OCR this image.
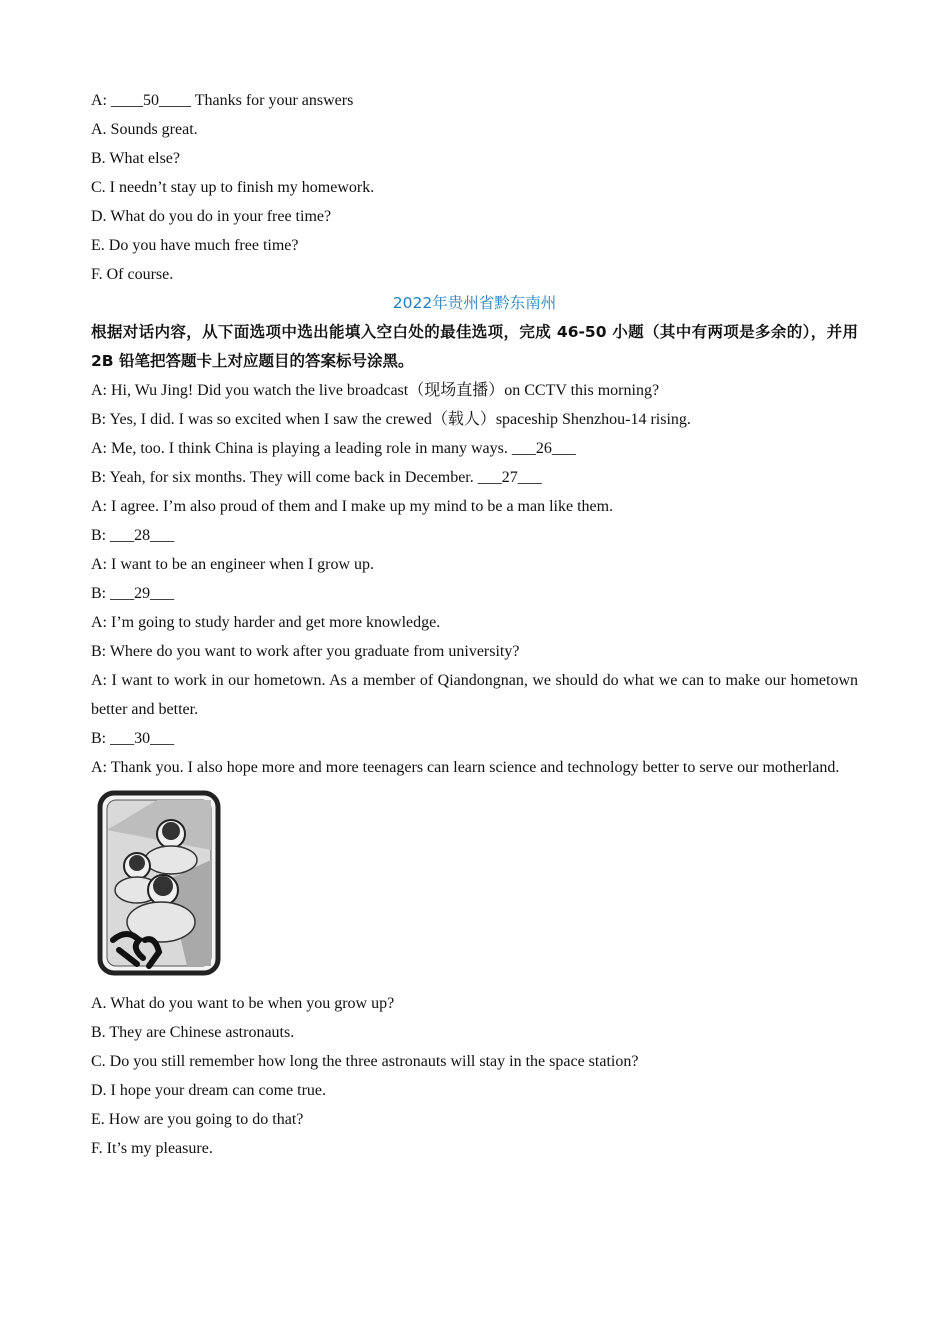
A: ____50____ Thanks for your answers

A. Sounds great.

B. What else?

C. I needn’t stay up to finish my homework.

D. What do you do in your free time?

E. Do you have much free time?

F. Of course.

2022年贵州省黔东南州

根据对话内容，从下面选项中选出能填入空白处的最佳选项，完成 46-50 小题（其中有两项是多余的），并用 2B 铅笔把答题卡上对应题目的答案标号涂黑。

A: Hi, Wu Jing! Did you watch the live broadcast（现场直播）on CCTV this morning?

B: Yes, I did. I was so excited when I saw the crewed（载人）spaceship Shenzhou-14 rising.

A: Me, too. I think China is playing a leading role in many ways. ___26___

B: Yeah, for six months. They will come back in December. ___27___

A: I agree. I’m also proud of them and I make up my mind to be a man like them.

B: ___28___

A: I want to be an engineer when I grow up.

B: ___29___

A: I’m going to study harder and get more knowledge.

B: Where do you want to work after you graduate from university?

A: I want to work in our hometown. As a member of Qiandongnan, we should do what we can to make our hometown better and better.

B: ___30___

A: Thank you. I also hope more and more teenagers can learn science and technology better to serve our motherland.

A. What do you want to be when you grow up?

B. They are Chinese astronauts.

C. Do you still remember how long the three astronauts will stay in the space station?

D. I hope your dream can come true.

E. How are you going to do that?

F. It’s my pleasure.
